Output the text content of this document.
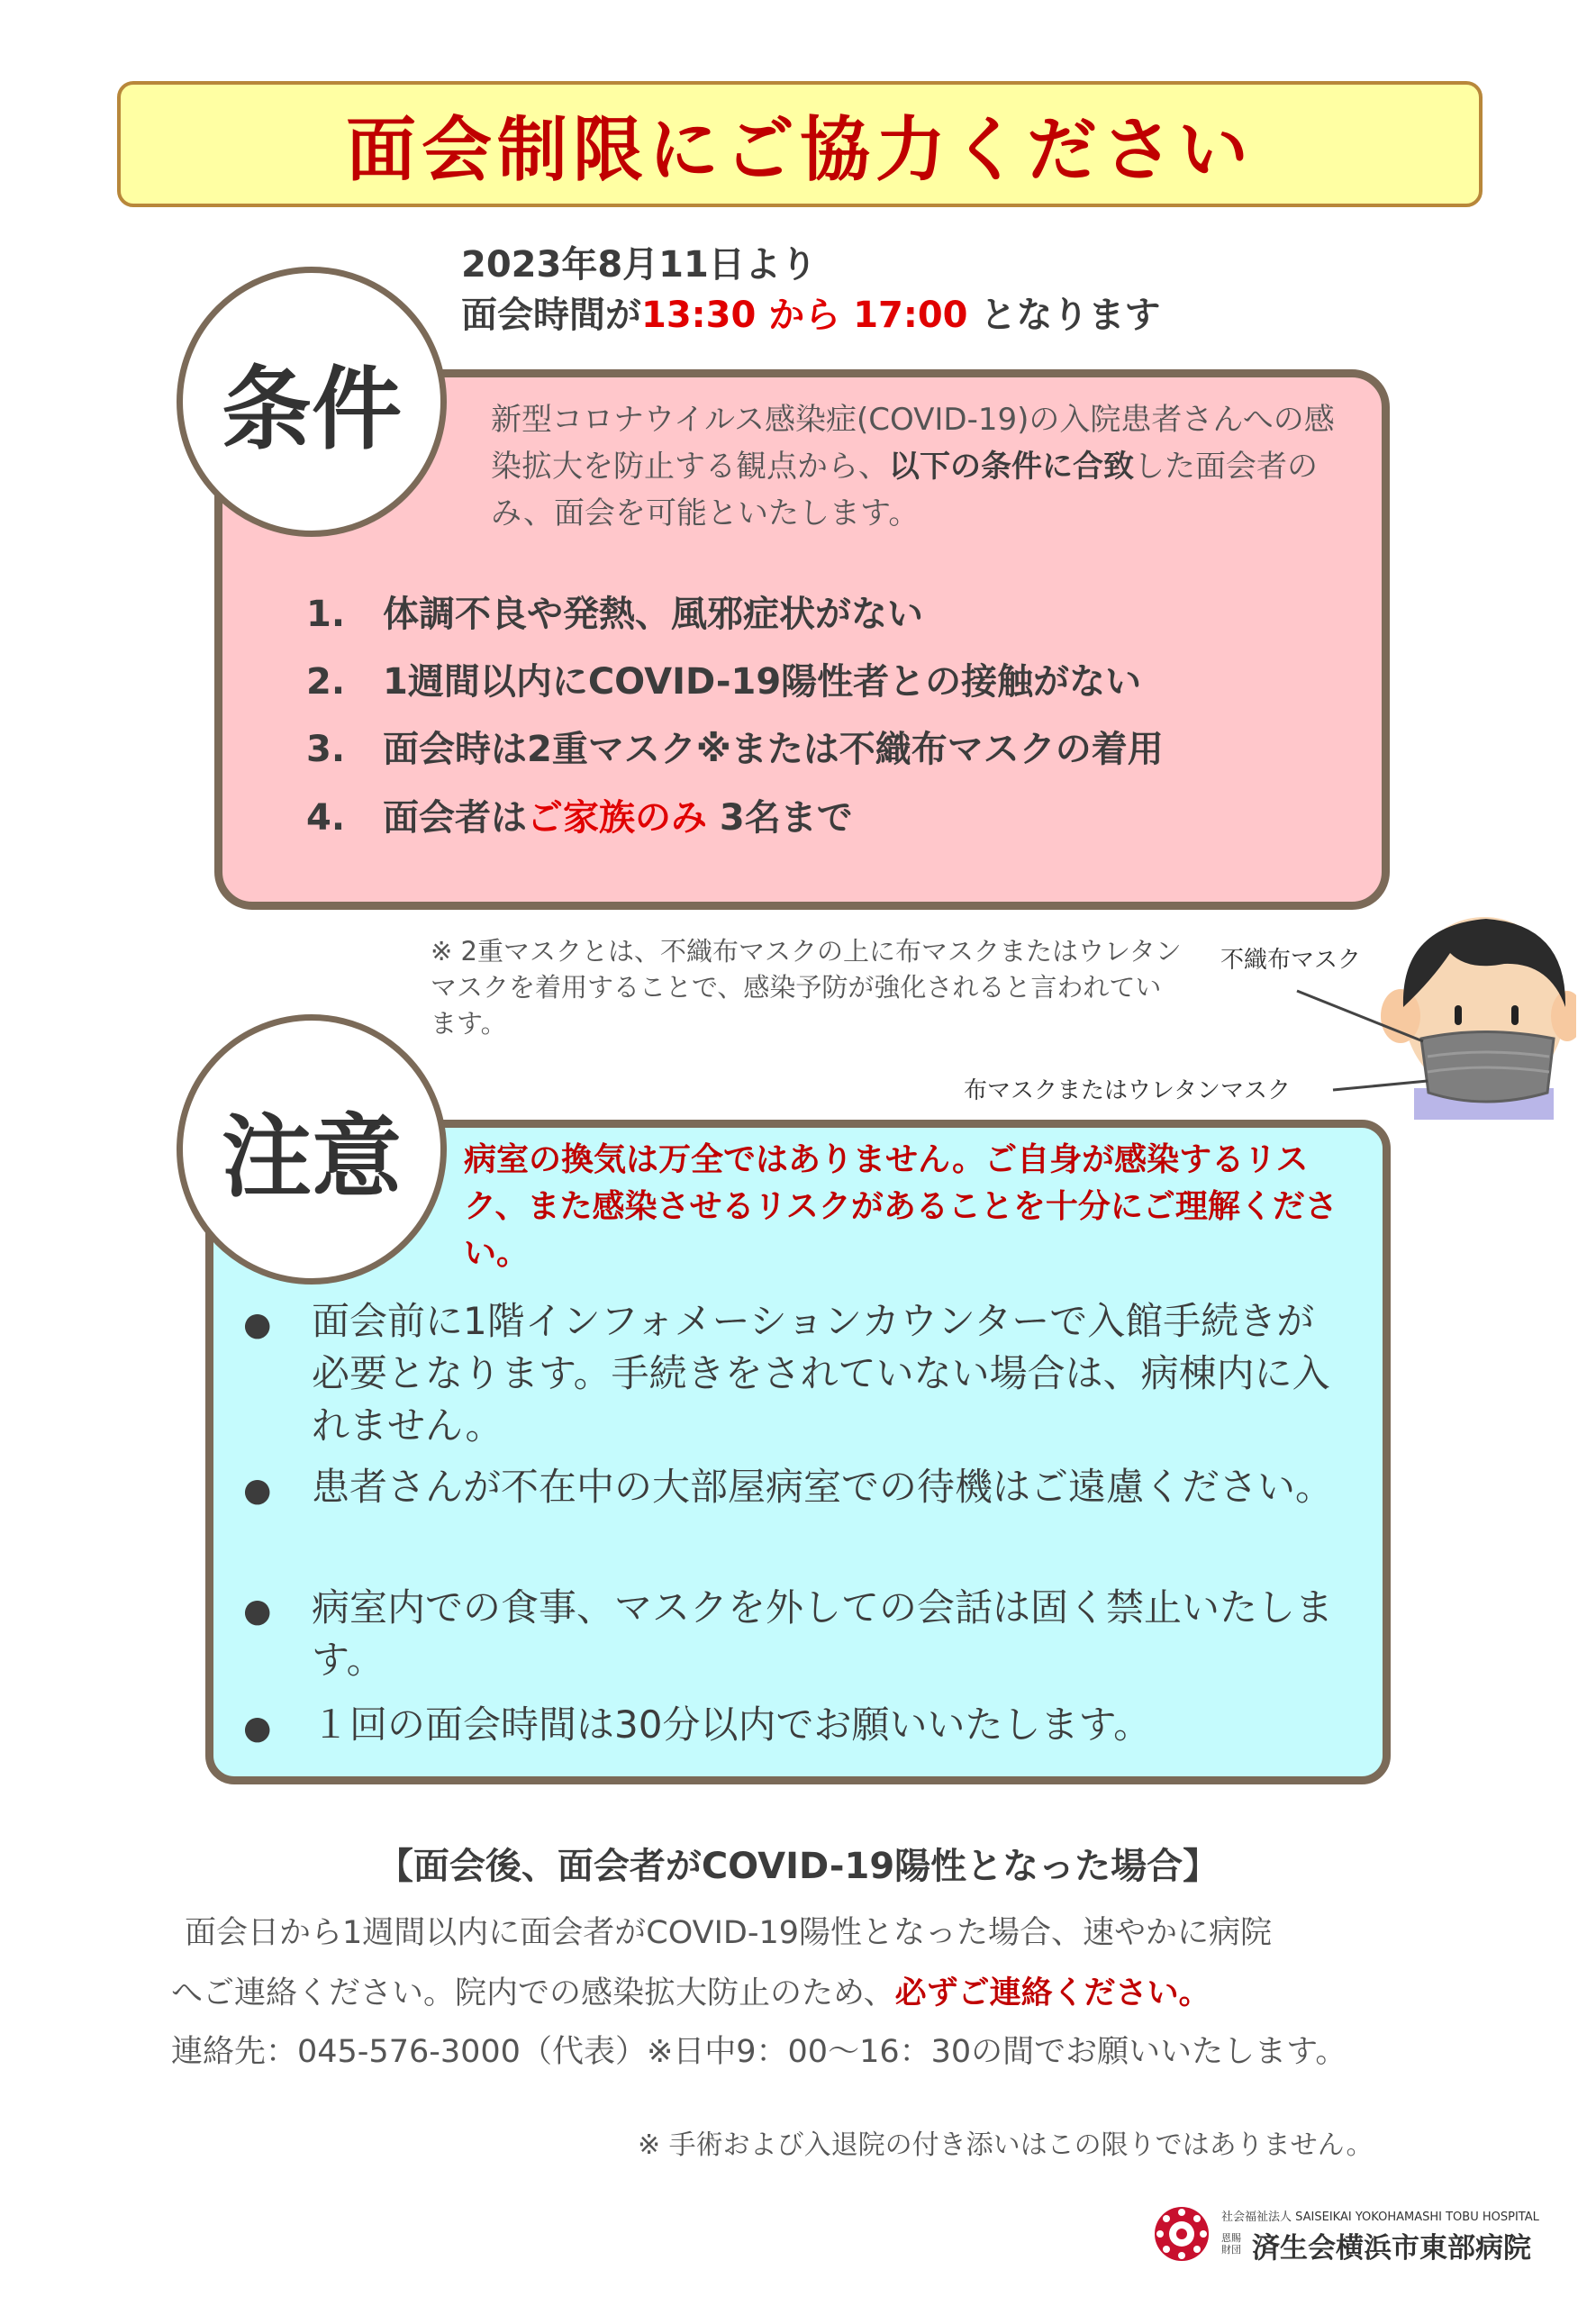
面会制限にご協力ください
2023年8月11日より
面会時間が13:30 から 17:00 となります
条件	新型コロナウイルス感染症(COVID-19)の入院患者さんへの感染拡大を防止する観点から、以下の条件に合致した面会者のみ、面会を可能といたします。
1. 体調不良や発熱、風邪症状がない
2. 1週間以内にCOVID-19陽性者との接触がない
3. 面会時は2重マスク※または不織布マスクの着用
4. 面会者はご家族のみ 3名まで
※ 2重マスクとは、不織布マスクの上に布マスクまたはウレタンマスクを着用することで、感染予防が強化されると言われています。
不織布マスク
布マスクまたはウレタンマスク
注意 病室の換気は万全ではありません。ご自身が感染するリスク、また感染させるリスクがあることを十分にご理解ください。
● 面会前に1階インフォメーションカウンターで入館手続きが必要となります。手続きをされていない場合は、病棟内に入れません。
● 患者さんが不在中の大部屋病室での待機はご遠慮ください。
● 病室内での食事、マスクを外しての会話は固く禁止いたします。
● １回の面会時間は30分以内でお願いいたします。
【面会後、面会者がCOVID-19陽性となった場合】
面会日から1週間以内に面会者がCOVID-19陽性となった場合、速やかに病院
へご連絡ください。院内での感染拡大防止のため、必ずご連絡ください。
連絡先：045-576-3000（代表）※日中9：00～16：30の間でお願いいたします。
※ 手術および入退院の付き添いはこの限りではありません。
社会福祉法人 SAISEIKAI YOKOHAMASHI TOBU HOSPITAL
恩賜財団 済生会横浜市東部病院
